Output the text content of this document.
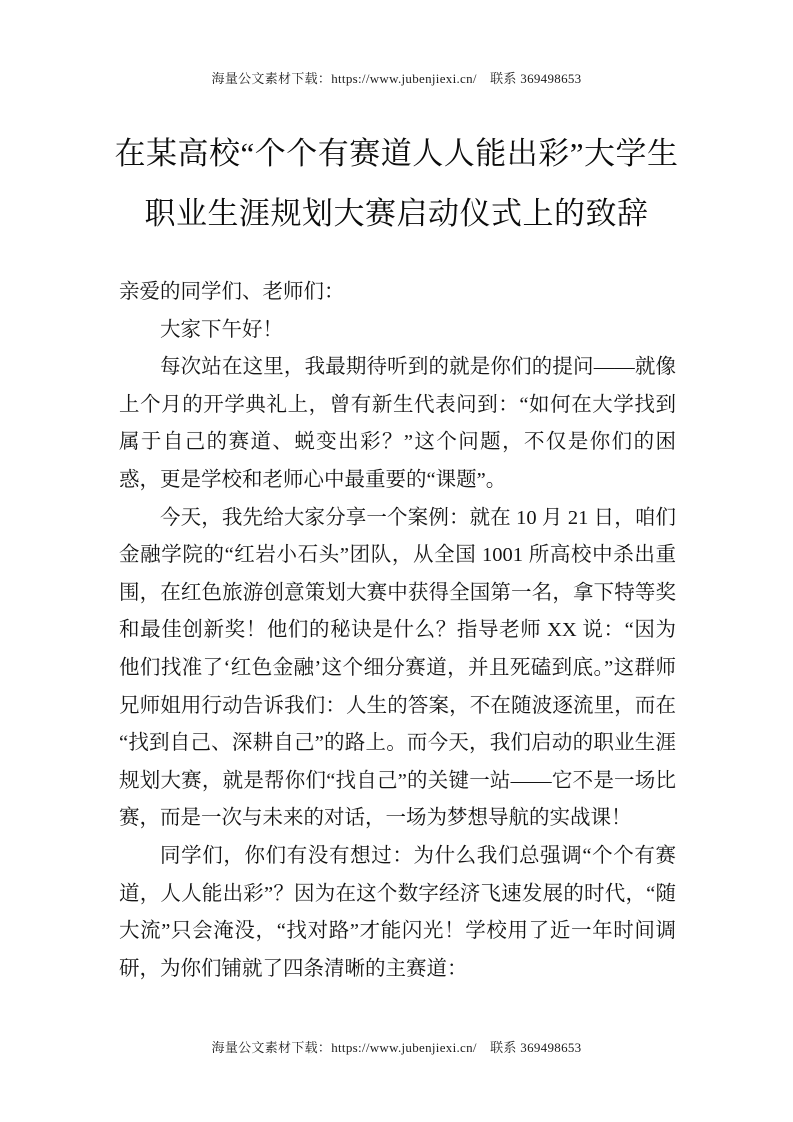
海量公文素材下载：https://www.jubenjiexi.cn/　联系 369498653
在某高校“个个有赛道人人能出彩”大学生
职业生涯规划大赛启动仪式上的致辞

亲爱的同学们、老师们：

大家下午好！

每次站在这里，我最期待听到的就是你们的提问——就像上个月的开学典礼上，曾有新生代表问到：“如何在大学找到属于自己的赛道、蜕变出彩？”这个问题，不仅是你们的困惑，更是学校和老师心中最重要的“课题”。

今天，我先给大家分享一个案例：就在 10 月 21 日，咱们金融学院的“红岩小石头”团队，从全国 1001 所高校中杀出重围，在红色旅游创意策划大赛中获得全国第一名，拿下特等奖和最佳创新奖！他们的秘诀是什么？指导老师 XX 说：“因为他们找准了‘红色金融’这个细分赛道，并且死磕到底。”这群师兄师姐用行动告诉我们：人生的答案，不在随波逐流里，而在“找到自己、深耕自己”的路上。而今天，我们启动的职业生涯规划大赛，就是帮你们“找自己”的关键一站——它不是一场比赛，而是一次与未来的对话，一场为梦想导航的实战课！

同学们，你们有没有想过：为什么我们总强调“个个有赛道，人人能出彩”？因为在这个数字经济飞速发展的时代，“随大流”只会淹没，“找对路”才能闪光！学校用了近一年时间调研，为你们铺就了四条清晰的主赛道：

海量公文素材下载：https://www.jubenjiexi.cn/　联系 369498653
